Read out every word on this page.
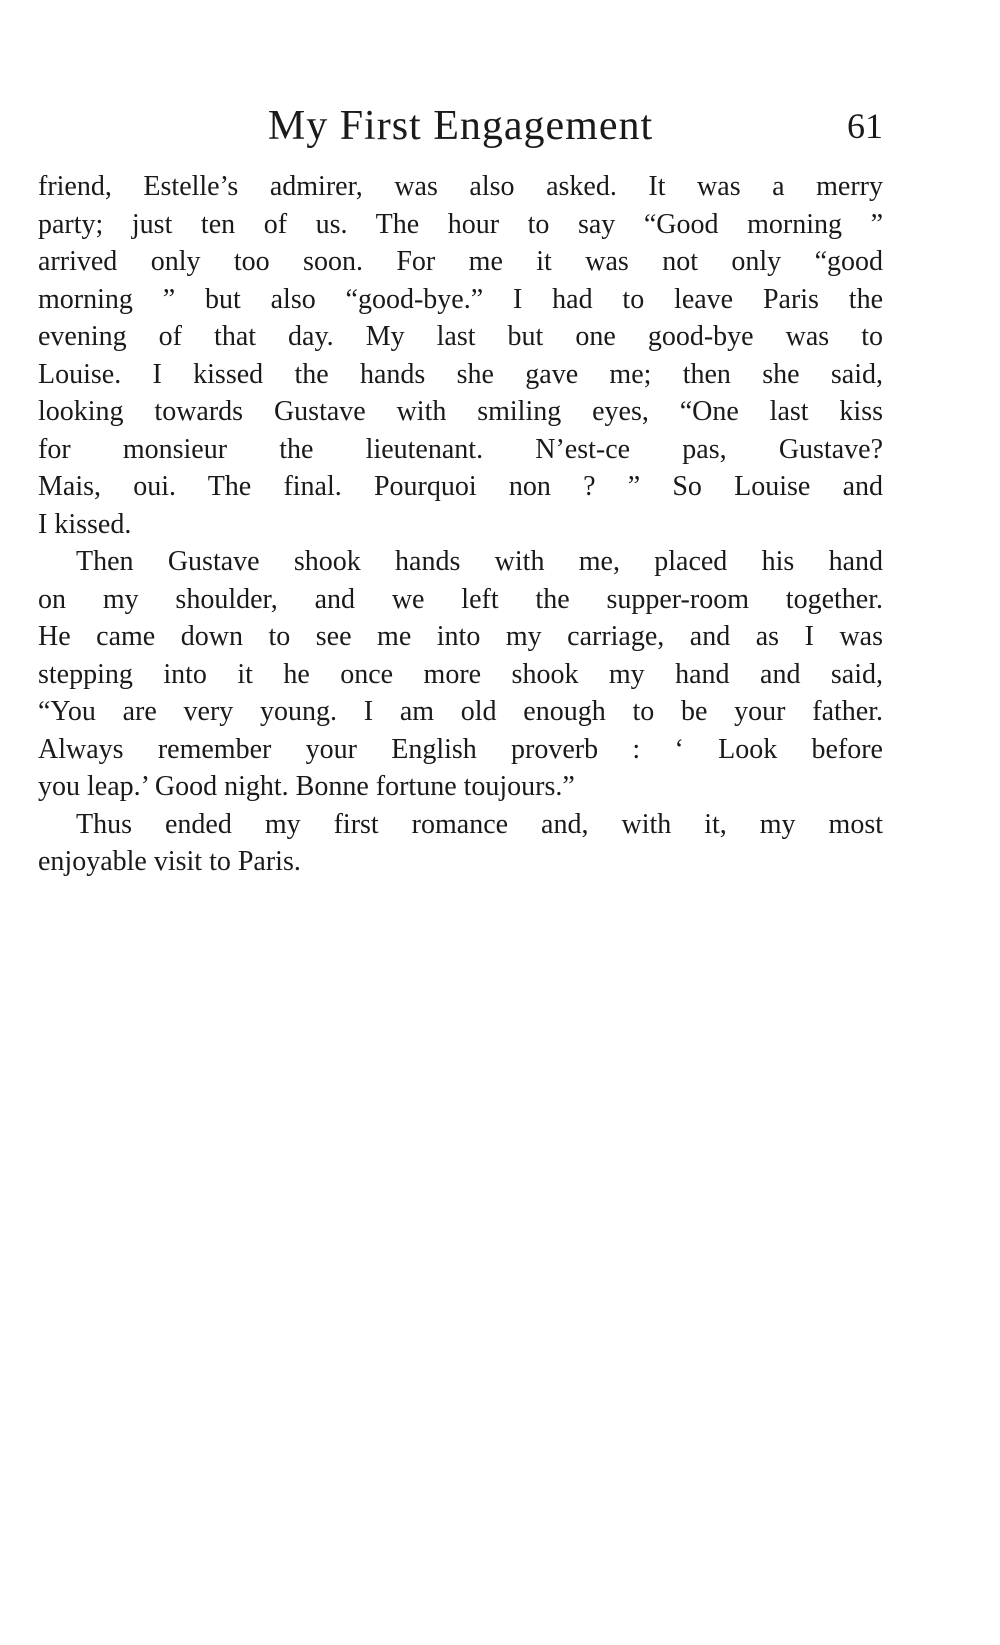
My First Engagement	61
friend, Estelle’s admirer, was also asked. It was a merry
party; just ten of us. The hour to say “Good morning ”
arrived only too soon. For me it was not only “good
morning ” but also “good-bye.” I had to leave Paris the
evening of that day. My last but one good-bye was to
Louise. I kissed the hands she gave me; then she said,
looking towards Gustave with smiling eyes, “One last kiss
for monsieur the lieutenant. N’est-ce pas, Gustave?
Mais, oui. The final. Pourquoi non ? ” So Louise and
I kissed.
Then Gustave shook hands with me, placed his hand
on my shoulder, and we left the supper-room together.
He came down to see me into my carriage, and as I was
stepping into it he once more shook my hand and said,
“You are very young. I am old enough to be your father.
Always remember your English proverb : ‘ Look before
you leap.’ Good night. Bonne fortune toujours.”
Thus ended my first romance and, with it, my most
enjoyable visit to Paris.
